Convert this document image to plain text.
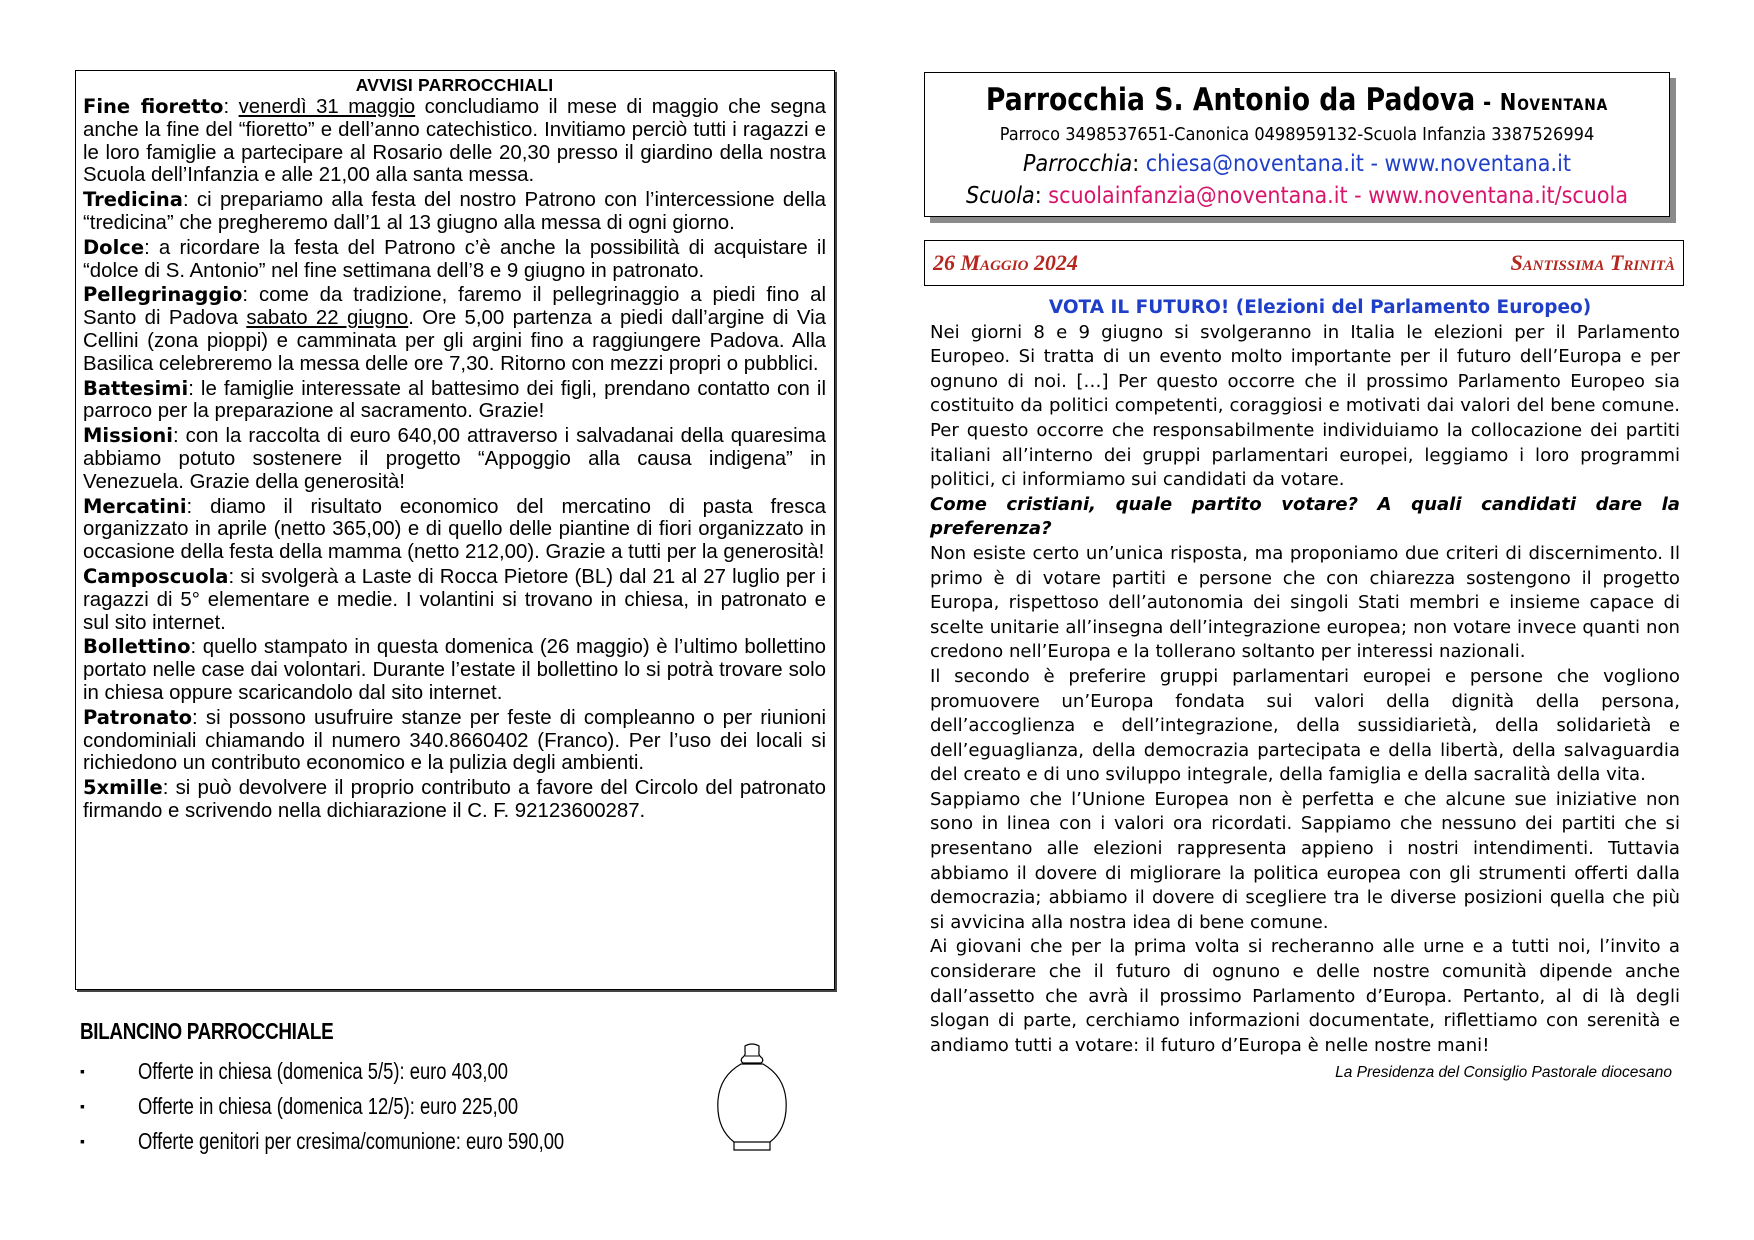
AVVISI PARROCCHIALI

Fine fioretto: venerdì 31 maggio concludiamo il mese di maggio che segna anche la fine del “fioretto” e dell’anno catechistico. Invitiamo perciò tutti i ragazzi e le loro famiglie a partecipare al Rosario delle 20,30 presso il giardino della nostra Scuola dell’Infanzia e alle 21,00 alla santa messa.

Tredicina: ci prepariamo alla festa del nostro Patrono con l’intercessione della “tredicina” che pregheremo dall’1 al 13 giugno alla messa di ogni giorno.

Dolce: a ricordare la festa del Patrono c’è anche la possibilità di acquistare il “dolce di S. Antonio” nel fine settimana dell’8 e 9 giugno in patronato.

Pellegrinaggio: come da tradizione, faremo il pellegrinaggio a piedi fino al Santo di Padova sabato 22 giugno. Ore 5,00 partenza a piedi dall’argine di Via Cellini (zona pioppi) e camminata per gli argini fino a raggiungere Padova. Alla Basilica celebreremo la messa delle ore 7,30. Ritorno con mezzi propri o pubblici.

Battesimi: le famiglie interessate al battesimo dei figli, prendano contatto con il parroco per la preparazione al sacramento. Grazie!

Missioni: con la raccolta di euro 640,00 attraverso i salvadanai della quaresima abbiamo potuto sostenere il progetto “Appoggio alla causa indigena” in Venezuela. Grazie della generosità!

Mercatini: diamo il risultato economico del mercatino di pasta fresca organizzato in aprile (netto 365,00) e di quello delle piantine di fiori organizzato in occasione della festa della mamma (netto 212,00). Grazie a tutti per la generosità!

Camposcuola: si svolgerà a Laste di Rocca Pietore (BL) dal 21 al 27 luglio per i ragazzi di 5° elementare e medie. I volantini si trovano in chiesa, in patronato e sul sito internet.

Bollettino: quello stampato in questa domenica (26 maggio) è l’ultimo bollettino portato nelle case dai volontari. Durante l’estate il bollettino lo si potrà trovare solo in chiesa oppure scaricandolo dal sito internet.

Patronato: si possono usufruire stanze per feste di compleanno o per riunioni condominiali chiamando il numero 340.8660402 (Franco). Per l’uso dei locali si richiedono un contributo economico e la pulizia degli ambienti.

5xmille: si può devolvere il proprio contributo a favore del Circolo del patronato firmando e scrivendo nella dichiarazione il C. F. 92123600287.

BILANCINO PARROCCHIALE
▪ Offerte in chiesa (domenica 5/5): euro 403,00
▪ Offerte in chiesa (domenica 12/5): euro 225,00
▪ Offerte genitori per cresima/comunione: euro 590,00
Parrocchia S. Antonio da Padova - Noventana
Parroco 3498537651-Canonica 0498959132-Scuola Infanzia 3387526994
Parrocchia: chiesa@noventana.it - www.noventana.it
Scuola: scuolainfanzia@noventana.it - www.noventana.it/scuola
26 Maggio 2024	Santissima Trinità
VOTA IL FUTURO! (Elezioni del Parlamento Europeo)

Nei giorni 8 e 9 giugno si svolgeranno in Italia le elezioni per il Parlamento Europeo. Si tratta di un evento molto importante per il futuro dell’Europa e per ognuno di noi. […] Per questo occorre che il prossimo Parlamento Europeo sia costituito da politici competenti, coraggiosi e motivati dai valori del bene comune. Per questo occorre che responsabilmente individuiamo la collocazione dei partiti italiani all’interno dei gruppi parlamentari europei, leggiamo i loro programmi politici, ci informiamo sui candidati da votare.

Come cristiani, quale partito votare? A quali candidati dare la preferenza?

Non esiste certo un’unica risposta, ma proponiamo due criteri di discernimento. Il primo è di votare partiti e persone che con chiarezza sostengono il progetto Europa, rispettoso dell’autonomia dei singoli Stati membri e insieme capace di scelte unitarie all’insegna dell’integrazione europea; non votare invece quanti non credono nell’Europa e la tollerano soltanto per interessi nazionali.

Il secondo è preferire gruppi parlamentari europei e persone che vogliono promuovere un’Europa fondata sui valori della dignità della persona, dell’accoglienza e dell’integrazione, della sussidiarietà, della solidarietà e dell’eguaglianza, della democrazia partecipata e della libertà, della salvaguardia del creato e di uno sviluppo integrale, della famiglia e della sacralità della vita.

Sappiamo che l’Unione Europea non è perfetta e che alcune sue iniziative non sono in linea con i valori ora ricordati. Sappiamo che nessuno dei partiti che si presentano alle elezioni rappresenta appieno i nostri intendimenti. Tuttavia abbiamo il dovere di migliorare la politica europea con gli strumenti offerti dalla democrazia; abbiamo il dovere di scegliere tra le diverse posizioni quella che più si avvicina alla nostra idea di bene comune.

Ai giovani che per la prima volta si recheranno alle urne e a tutti noi, l’invito a considerare che il futuro di ognuno e delle nostre comunità dipende anche dall’assetto che avrà il prossimo Parlamento d’Europa. Pertanto, al di là degli slogan di parte, cerchiamo informazioni documentate, riflettiamo con serenità e andiamo tutti a votare: il futuro d’Europa è nelle nostre mani!
La Presidenza del Consiglio Pastorale diocesano
